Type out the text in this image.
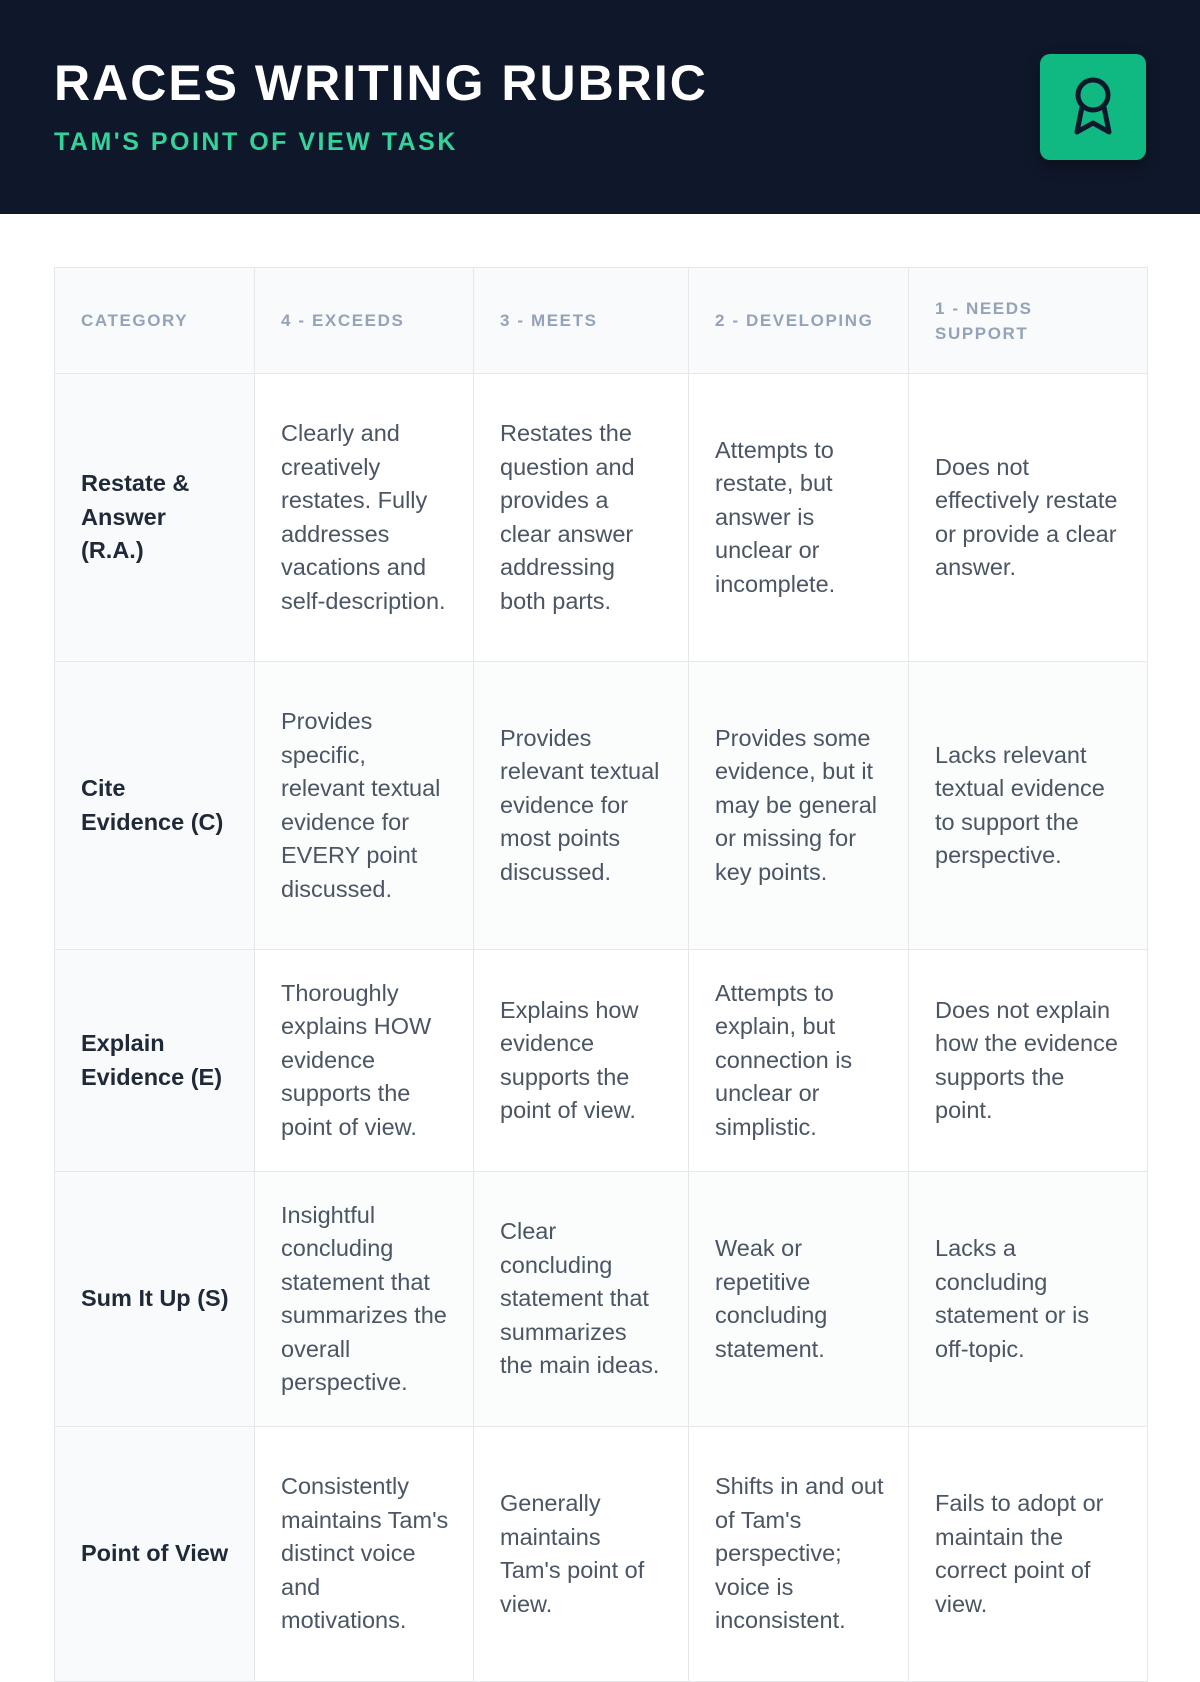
RACES WRITING RUBRIC
TAM'S POINT OF VIEW TASK
CATEGORY	4 - EXCEEDS	3 - MEETS	2 - DEVELOPING	1 - NEEDS SUPPORT
Restate & Answer (R.A.)	Clearly and creatively restates. Fully addresses vacations and self-description.	Restates the question and provides a clear answer addressing both parts.	Attempts to restate, but answer is unclear or incomplete.	Does not effectively restate or provide a clear answer.
Cite Evidence (C)	Provides specific, relevant textual evidence for EVERY point discussed.	Provides relevant textual evidence for most points discussed.	Provides some evidence, but it may be general or missing for key points.	Lacks relevant textual evidence to support the perspective.
Explain Evidence (E)	Thoroughly explains HOW evidence supports the point of view.	Explains how evidence supports the point of view.	Attempts to explain, but connection is unclear or simplistic.	Does not explain how the evidence supports the point.
Sum It Up (S)	Insightful concluding statement that summarizes the overall perspective.	Clear concluding statement that summarizes the main ideas.	Weak or repetitive concluding statement.	Lacks a concluding statement or is off-topic.
Point of View	Consistently maintains Tam's distinct voice and motivations.	Generally maintains Tam's point of view.	Shifts in and out of Tam's perspective; voice is inconsistent.	Fails to adopt or maintain the correct point of view.
